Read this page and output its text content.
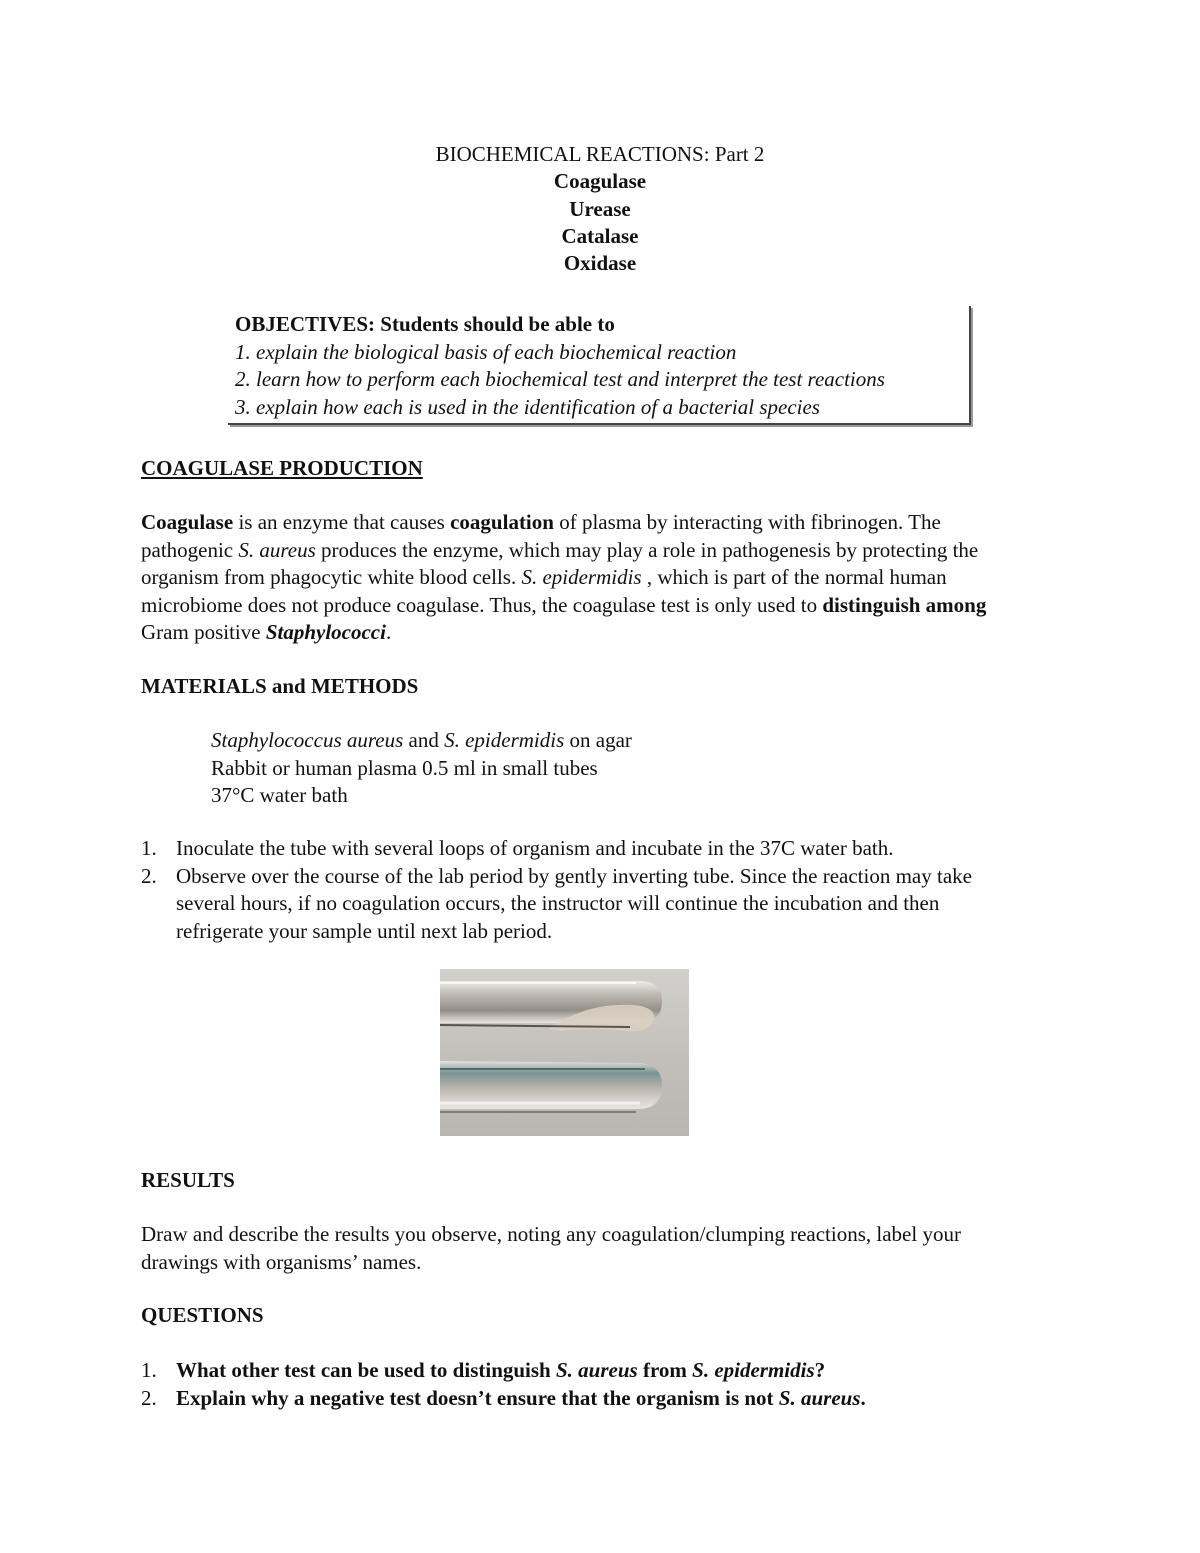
BIOCHEMICAL REACTIONS: Part 2
Coagulase
Urease
Catalase
Oxidase
OBJECTIVES: Students should be able to
1. explain the biological basis of each biochemical reaction
2. learn how to perform each biochemical test and interpret the test reactions
3. explain how each is used in the identification of a bacterial species
COAGULASE PRODUCTION
Coagulase is an enzyme that causes coagulation of plasma by interacting with fibrinogen. The pathogenic S. aureus produces the enzyme, which may play a role in pathogenesis by protecting the organism from phagocytic white blood cells. S. epidermidis , which is part of the normal human microbiome does not produce coagulase. Thus, the coagulase test is only used to distinguish among Gram positive Staphylococci.
MATERIALS and METHODS
Staphylococcus aureus and S. epidermidis on agar
Rabbit or human plasma 0.5 ml in small tubes
37°C water bath
1. Inoculate the tube with several loops of organism and incubate in the 37C water bath.
2. Observe over the course of the lab period by gently inverting tube. Since the reaction may take several hours, if no coagulation occurs, the instructor will continue the incubation and then refrigerate your sample until next lab period.
RESULTS
Draw and describe the results you observe, noting any coagulation/clumping reactions, label your drawings with organisms’ names.
QUESTIONS
1. What other test can be used to distinguish S. aureus from S. epidermidis?
2. Explain why a negative test doesn’t ensure that the organism is not S. aureus.
